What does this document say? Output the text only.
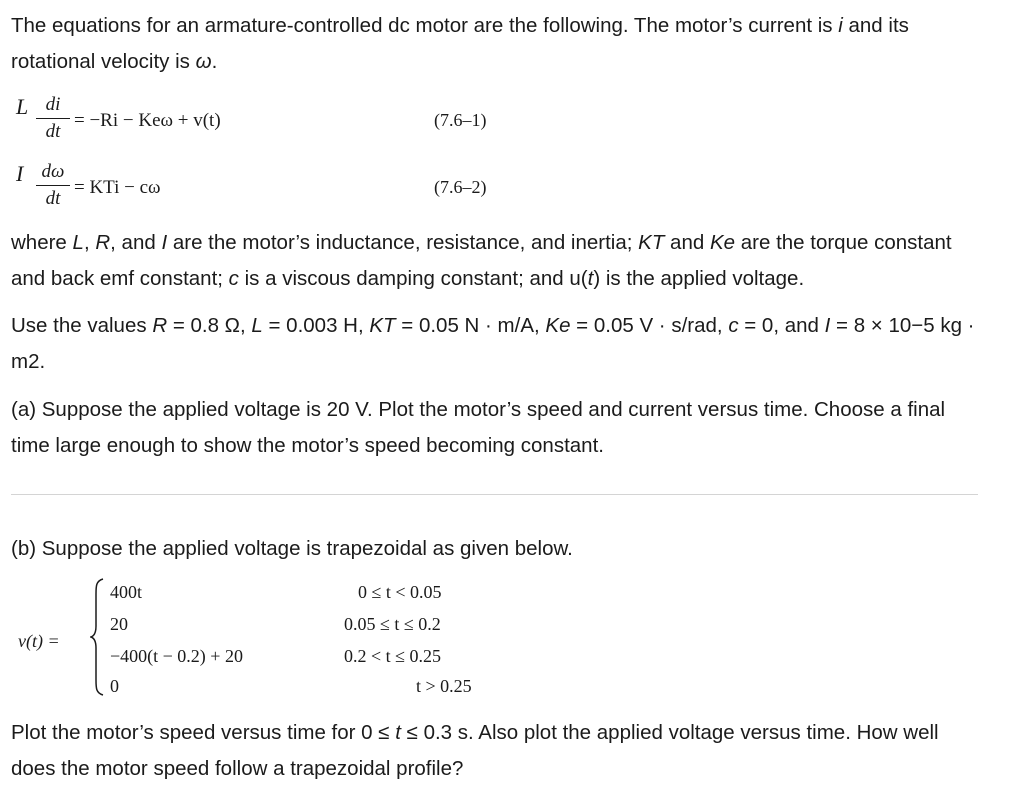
The equations for an armature-controlled dc motor are the following. The motor’s current is i and its rotational velocity is ω.

L di
dt
= −Ri − Keω + v(t)	(7.6–1)
I dω
dt
= KTi − cω	(7.6–2)

where L, R, and I are the motor’s inductance, resistance, and inertia; KT and Ke are the torque constant and back emf constant; c is a viscous damping constant; and u(t) is the applied voltage.

Use the values R = 0.8 Ω, L = 0.003 H, KT = 0.05 N · m/A, Ke = 0.05 V · s/rad, c = 0, and I = 8 × 10−5 kg · m2.

(a) Suppose the applied voltage is 20 V. Plot the motor’s speed and current versus time. Choose a final time large enough to show the motor’s speed becoming constant.

(b) Suppose the applied voltage is trapezoidal as given below.

v(t) =
400t	0 ≤ t < 0.05
20	0.05 ≤ t ≤ 0.2
−400(t − 0.2) + 20	0.2 < t ≤ 0.25
0	t > 0.25

Plot the motor’s speed versus time for 0 ≤ t ≤ 0.3 s. Also plot the applied voltage versus time. How well does the motor speed follow a trapezoidal profile?
